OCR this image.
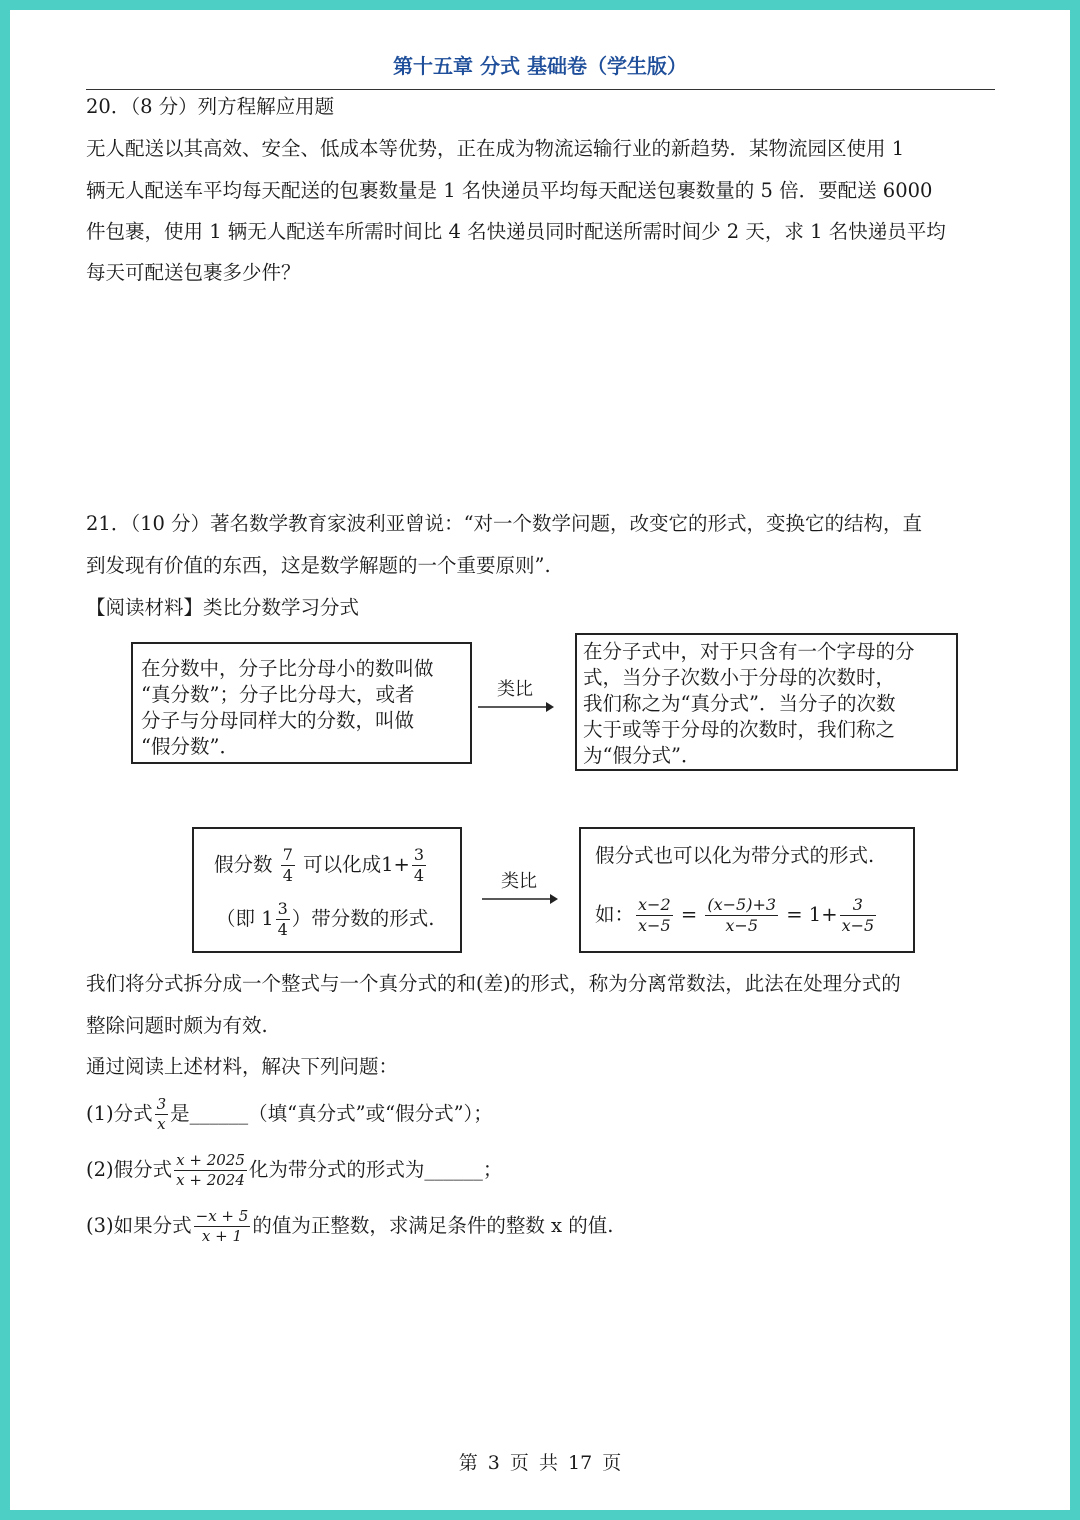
第十五章 分式 基础卷（学生版）
20．（8 分）列方程解应用题
无人配送以其高效、安全、低成本等优势，正在成为物流运输行业的新趋势．某物流园区使用 1
辆无人配送车平均每天配送的包裹数量是 1 名快递员平均每天配送包裹数量的 5 倍．要配送 6000
件包裹，使用 1 辆无人配送车所需时间比 4 名快递员同时配送所需时间少 2 天，求 1 名快递员平均
每天可配送包裹多少件？
21．（10 分）著名数学教育家波利亚曾说：“对一个数学问题，改变它的形式，变换它的结构，直
到发现有价值的东西，这是数学解题的一个重要原则”.
【阅读材料】类比分数学习分式
在分数中，分子比分母小的数叫做
“真分数”；分子比分母大，或者
分子与分母同样大的分数，叫做
“假分数”．
类比
在分子式中，对于只含有一个字母的分
式，当分子次数小于分母的次数时，
我们称之为“真分式”．当分子的次数
大于或等于分母的次数时，我们称之
为“假分式”．
假分数 $\frac{7}{4}$ 可以化成$1+ \frac{3}{4}$
（即 $1 \frac{3}{4}$ ）带分数的形式.
类比
假分式也可以化为带分式的形式.
如： $\frac{x-2}{x-5} = \frac{(x-5)+3}{x-5} = 1+ \frac{3}{x-5}$
我们将分式拆分成一个整式与一个真分式的和(差)的形式，称为分离常数法，此法在处理分式的
整除问题时颇为有效.
通过阅读上述材料，解决下列问题：
(1)分式 $\frac{3}{x}$ 是______（填“真分式”或“假分式”）；
(2)假分式 $\frac{x + 2025}{x + 2024}$ 化为带分式的形式为______；
(3)如果分式 $\frac{-x + 5}{x + 1}$ 的值为正整数，求满足条件的整数 x 的值.
第 3 页 共 17 页
